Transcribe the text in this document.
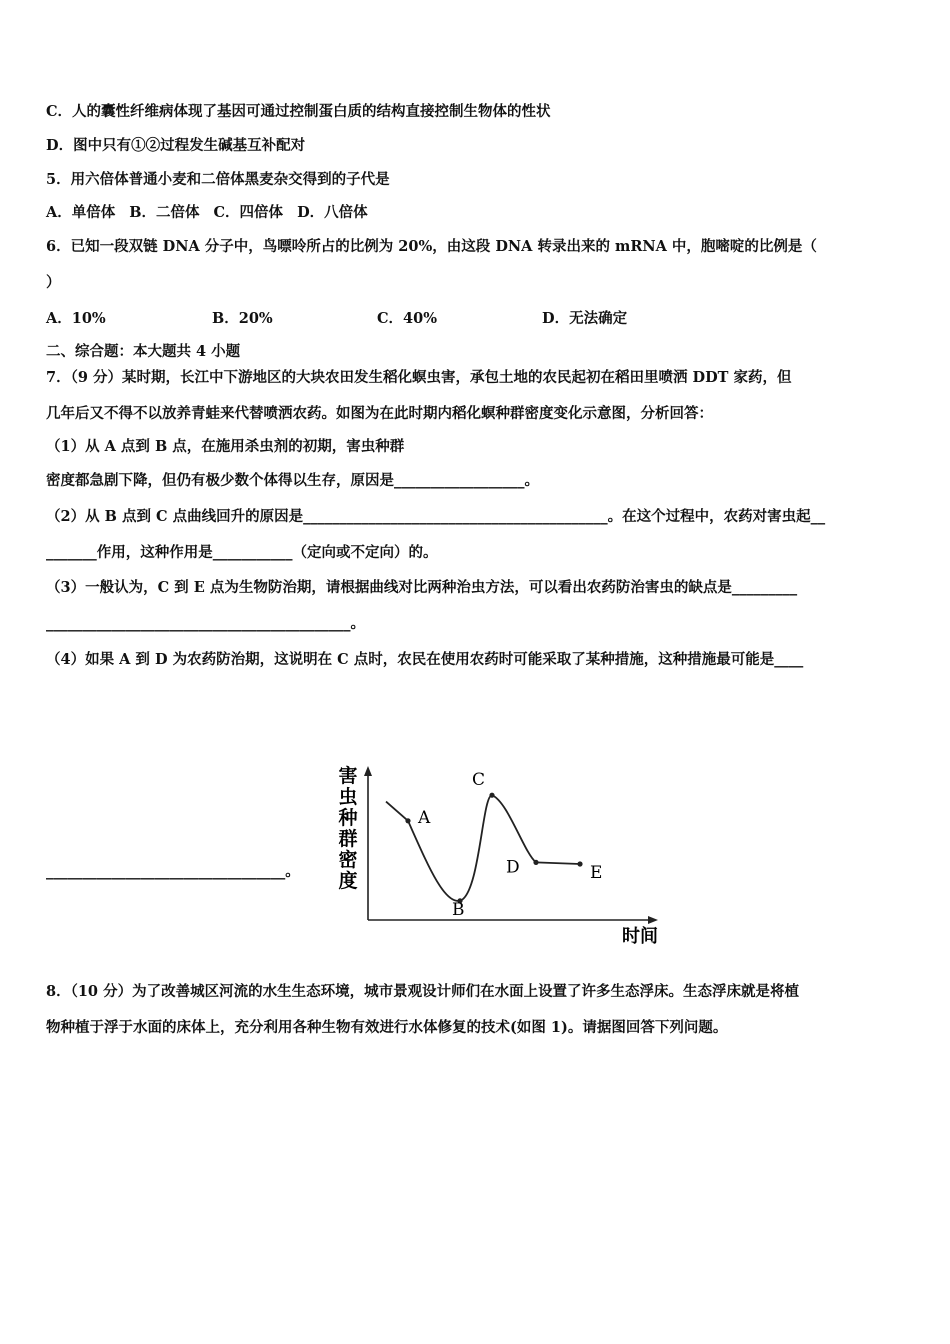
C．人的囊性纤维病体现了基因可通过控制蛋白质的结构直接控制生物体的性状
D．图中只有①②过程发生碱基互补配对
5．用六倍体普通小麦和二倍体黑麦杂交得到的子代是
A．单倍体 B．二倍体 C．四倍体 D．八倍体
6．已知一段双链 DNA 分子中，鸟嘌呤所占的比例为 20%，由这段 DNA 转录出来的 mRNA 中，胞嘧啶的比例是（
）
A．10%	B．20%	C．40%	D．无法确定
二、综合题：本大题共 4 小题
7．（9 分）某时期，长江中下游地区的大块农田发生稻化螟虫害，承包土地的农民起初在稻田里喷洒 DDT 家药，但
几年后又不得不以放养青蛙来代替喷洒农药。如图为在此时期内稻化螟种群密度变化示意图，分析回答：
（1）从 A 点到 B 点，在施用杀虫剂的初期，害虫种群
密度都急剧下降，但仍有极少数个体得以生存，原因是__________________。
（2）从 B 点到 C 点曲线回升的原因是__________________________________________。在这个过程中，农药对害虫起__
_______作用，这种作用是___________（定向或不定向）的。
（3）一般认为，C 到 E 点为生物防治期，请根据曲线对比两种治虫方法，可以看出农药防治害虫的缺点是_________
__________________________________________。
（4）如果 A 到 D 为农药防治期，这说明在 C 点时，农民在使用农药时可能采取了某种措施，这种措施最可能是____
_________________________________。
A
B
C
D	E
害虫种群密度
时间
8．（10 分）为了改善城区河流的水生生态环境，城市景观设计师们在水面上设置了许多生态浮床。生态浮床就是将植
物种植于浮于水面的床体上，充分利用各种生物有效进行水体修复的技术(如图 1)。请据图回答下列问题。
